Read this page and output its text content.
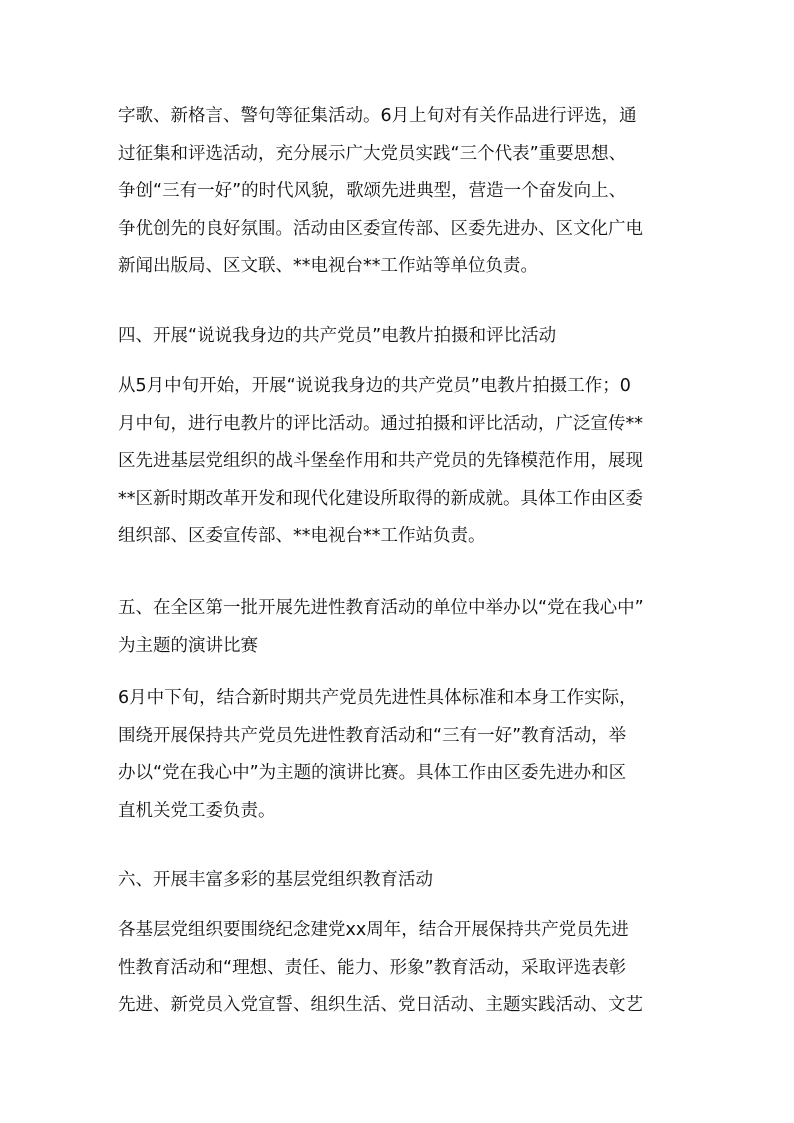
字歌、新格言、警句等征集活动。6月上旬对有关作品进行评选，通
过征集和评选活动，充分展示广大党员实践“三个代表”重要思想、
争创“三有一好”的时代风貌，歌颂先进典型，营造一个奋发向上、
争优创先的良好氛围。活动由区委宣传部、区委先进办、区文化广电
新闻出版局、区文联、**电视台**工作站等单位负责。
四、开展“说说我身边的共产党员”电教片拍摄和评比活动
从5月中旬开始，开展“说说我身边的共产党员”电教片拍摄工作；0
月中旬，进行电教片的评比活动。通过拍摄和评比活动，广泛宣传**
区先进基层党组织的战斗堡垒作用和共产党员的先锋模范作用，展现
**区新时期改革开发和现代化建设所取得的新成就。具体工作由区委
组织部、区委宣传部、**电视台**工作站负责。
五、在全区第一批开展先进性教育活动的单位中举办以“党在我心中”
为主题的演讲比赛
6月中下旬，结合新时期共产党员先进性具体标准和本身工作实际，
围绕开展保持共产党员先进性教育活动和“三有一好”教育活动，举
办以“党在我心中”为主题的演讲比赛。具体工作由区委先进办和区
直机关党工委负责。
六、开展丰富多彩的基层党组织教育活动
各基层党组织要围绕纪念建党xx周年，结合开展保持共产党员先进
性教育活动和“理想、责任、能力、形象”教育活动，采取评选表彰
先进、新党员入党宣誓、组织生活、党日活动、主题实践活动、文艺
